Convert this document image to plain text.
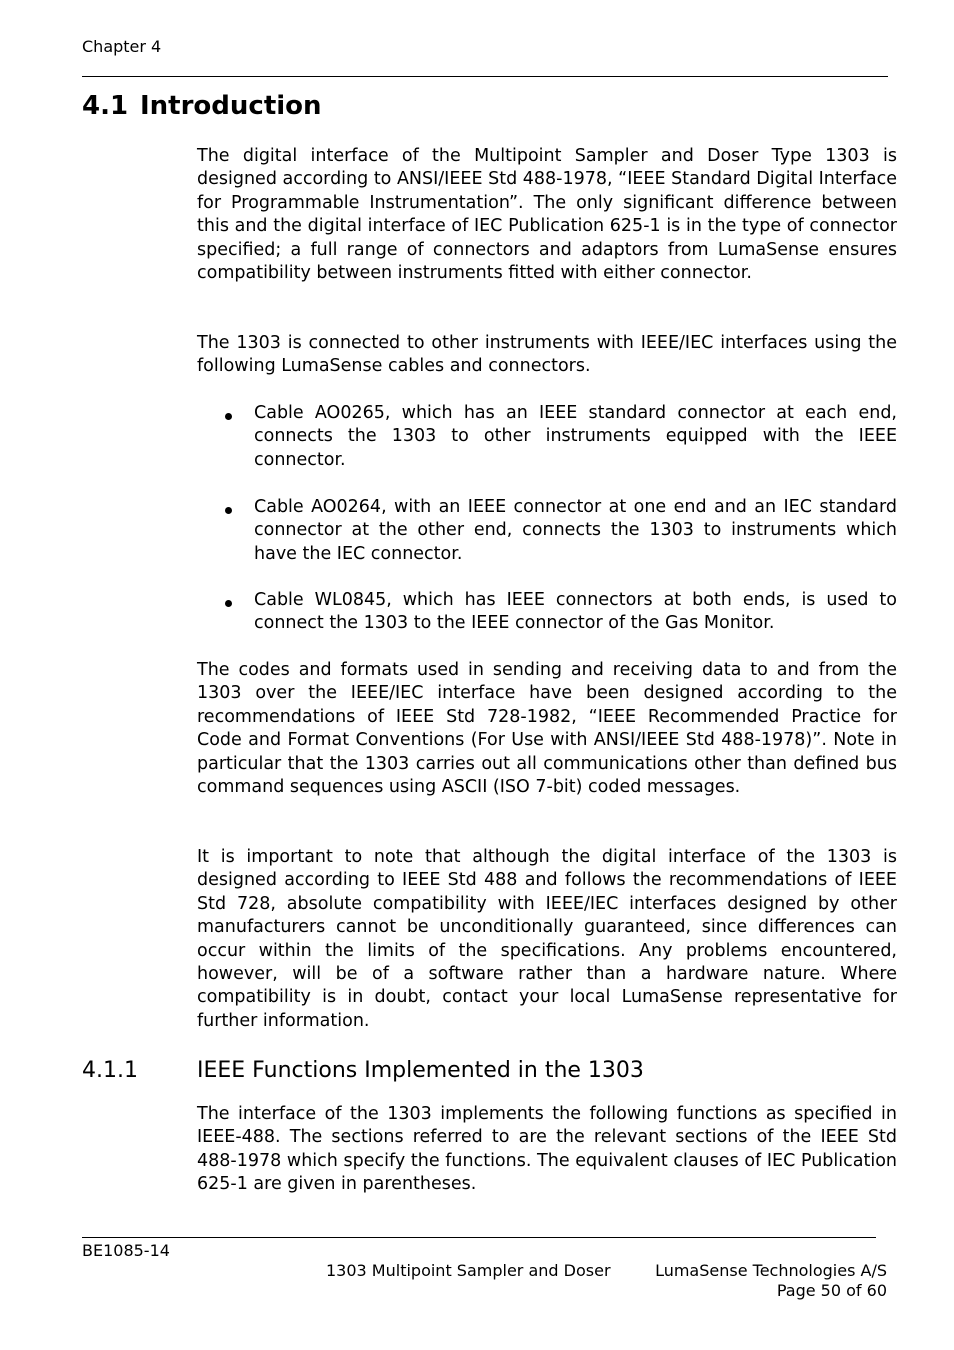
Chapter 4
4.1 Introduction

The digital interface of the Multipoint Sampler and Doser Type 1303 is designed according to ANSI/IEEE Std 488-1978, “IEEE Standard Digital Interface for Programmable Instrumentation”. The only significant difference between this and the digital interface of IEC Publication 625-1 is in the type of connector specified; a full range of connectors and adaptors from LumaSense ensures compatibility between instruments fitted with either connector.

The 1303 is connected to other instruments with IEEE/IEC interfaces using the following LumaSense cables and connectors.

Cable AO0265, which has an IEEE standard connector at each end, connects the 1303 to other instruments equipped with the IEEE connector.
Cable AO0264, with an IEEE connector at one end and an IEC standard connector at the other end, connects the 1303 to instruments which have the IEC connector.
Cable WL0845, which has IEEE connectors at both ends, is used to connect the 1303 to the IEEE connector of the Gas Monitor.

The codes and formats used in sending and receiving data to and from the 1303 over the IEEE/IEC interface have been designed according to the recommendations of IEEE Std 728-1982, “IEEE Recommended Practice for Code and Format Conventions (For Use with ANSI/IEEE Std 488-1978)”. Note in particular that the 1303 carries out all communications other than defined bus command sequences using ASCII (ISO 7-bit) coded messages.

It is important to note that although the digital interface of the 1303 is designed according to IEEE Std 488 and follows the recommendations of IEEE Std 728, absolute compatibility with IEEE/IEC interfaces designed by other manufacturers cannot be unconditionally guaranteed, since differences can occur within the limits of the specifications. Any problems encountered, however, will be of a software rather than a hardware nature. Where compatibility is in doubt, contact your local LumaSense representative for further information.

4.1.1	IEEE Functions Implemented in the 1303

The interface of the 1303 implements the following functions as specified in IEEE-488. The sections referred to are the relevant sections of the IEEE Std 488-1978 which specify the functions. The equivalent clauses of IEC Publication 625-1 are given in parentheses.

BE1085-14
1303 Multipoint Sampler and Doser	LumaSense Technologies A/S
Page 50 of 60
